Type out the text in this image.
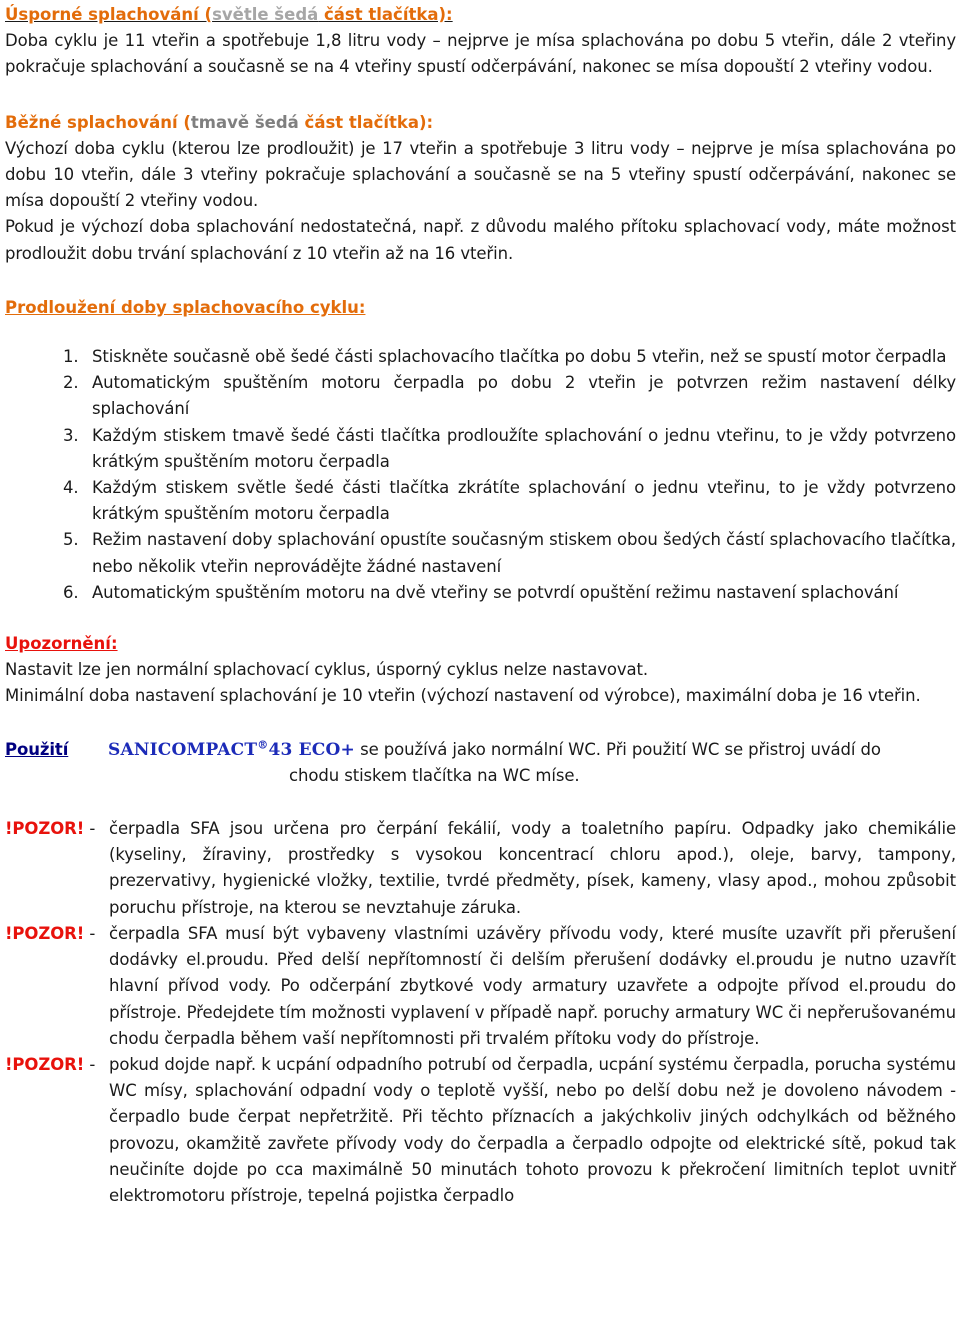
Úsporné splachování (světle šedá část tlačítka):

Doba cyklu je 11 vteřin a spotřebuje 1,8 litru vody – nejprve je mísa splachována po dobu 5 vteřin, dále 2 vteřiny pokračuje splachování a současně se na 4 vteřiny spustí odčerpávání, nakonec se mísa dopouští 2 vteřiny vodou.

Běžné splachování (tmavě šedá část tlačítka):

Výchozí doba cyklu (kterou lze prodloužit) je 17 vteřin a spotřebuje 3 litru vody – nejprve je mísa splachována po dobu 10 vteřin, dále 3 vteřiny pokračuje splachování a současně se na 5 vteřiny spustí odčerpávání, nakonec se mísa dopouští 2 vteřiny vodou.

Pokud je výchozí doba splachování nedostatečná, např. z důvodu malého přítoku splachovací vody, máte možnost prodloužit dobu trvání splachování z 10 vteřin až na 16 vteřin.

Prodloužení doby splachovacího cyklu:

1. Stiskněte současně obě šedé části splachovacího tlačítka po dobu 5 vteřin, než se spustí motor čerpadla
2. Automatickým spuštěním motoru čerpadla po dobu 2 vteřin je potvrzen režim nastavení délky splachování
3. Každým stiskem tmavě šedé části tlačítka prodloužíte splachování o jednu vteřinu, to je vždy potvrzeno krátkým spuštěním motoru čerpadla
4. Každým stiskem světle šedé části tlačítka zkrátíte splachování o jednu vteřinu, to je vždy potvrzeno krátkým spuštěním motoru čerpadla
5. Režim nastavení doby splachování opustíte současným stiskem obou šedých částí splachovacího tlačítka, nebo několik vteřin neprovádějte žádné nastavení
6. Automatickým spuštěním motoru na dvě vteřiny se potvrdí opuštění režimu nastavení splachování

Upozornění:

Nastavit lze jen normální splachovací cyklus, úsporný cyklus nelze nastavovat.

Minimální doba nastavení splachování je 10 vteřin (výchozí nastavení od výrobce), maximální doba je 16 vteřin.

Použití	SANICOMPACT®43 ECO+ se používá jako normální WC. Při použití WC se přistroj uvádí do
chodu stiskem tlačítka na WC míse.
!POZOR! - čerpadla SFA jsou určena pro čerpání fekálií, vody a toaletního papíru. Odpadky jako chemikálie (kyseliny, žíraviny, prostředky s vysokou koncentrací chloru apod.), oleje, barvy, tampony, prezervativy, hygienické vložky, textilie, tvrdé předměty, písek, kameny, vlasy apod., mohou způsobit poruchu přístroje, na kterou se nevztahuje záruka.
!POZOR! - čerpadla SFA musí být vybaveny vlastními uzávěry přívodu vody, které musíte uzavřít při přerušení dodávky el.proudu. Před delší nepřítomností či delším přerušení dodávky el.proudu je nutno uzavřít hlavní přívod vody. Po odčerpání zbytkové vody armatury uzavřete a odpojte přívod el.proudu do přístroje. Předejdete tím možnosti vyplavení v případě např. poruchy armatury WC či nepřerušovanému chodu čerpadla během vaší nepřítomnosti při trvalém přítoku vody do přístroje.
!POZOR! - pokud dojde např. k ucpání odpadního potrubí od čerpadla, ucpání systému čerpadla, porucha systému WC mísy, splachování odpadní vody o teplotě vyšší, nebo po delší dobu než je dovoleno návodem - čerpadlo bude čerpat nepřetržitě. Při těchto příznacích a jakýchkoliv jiných odchylkách od běžného provozu, okamžitě zavřete přívody vody do čerpadla a čerpadlo odpojte od elektrické sítě, pokud tak neučiníte dojde po cca maximálně 50 minutách tohoto provozu k překročení limitních teplot uvnitř elektromotoru přístroje, tepelná pojistka čerpadlo
